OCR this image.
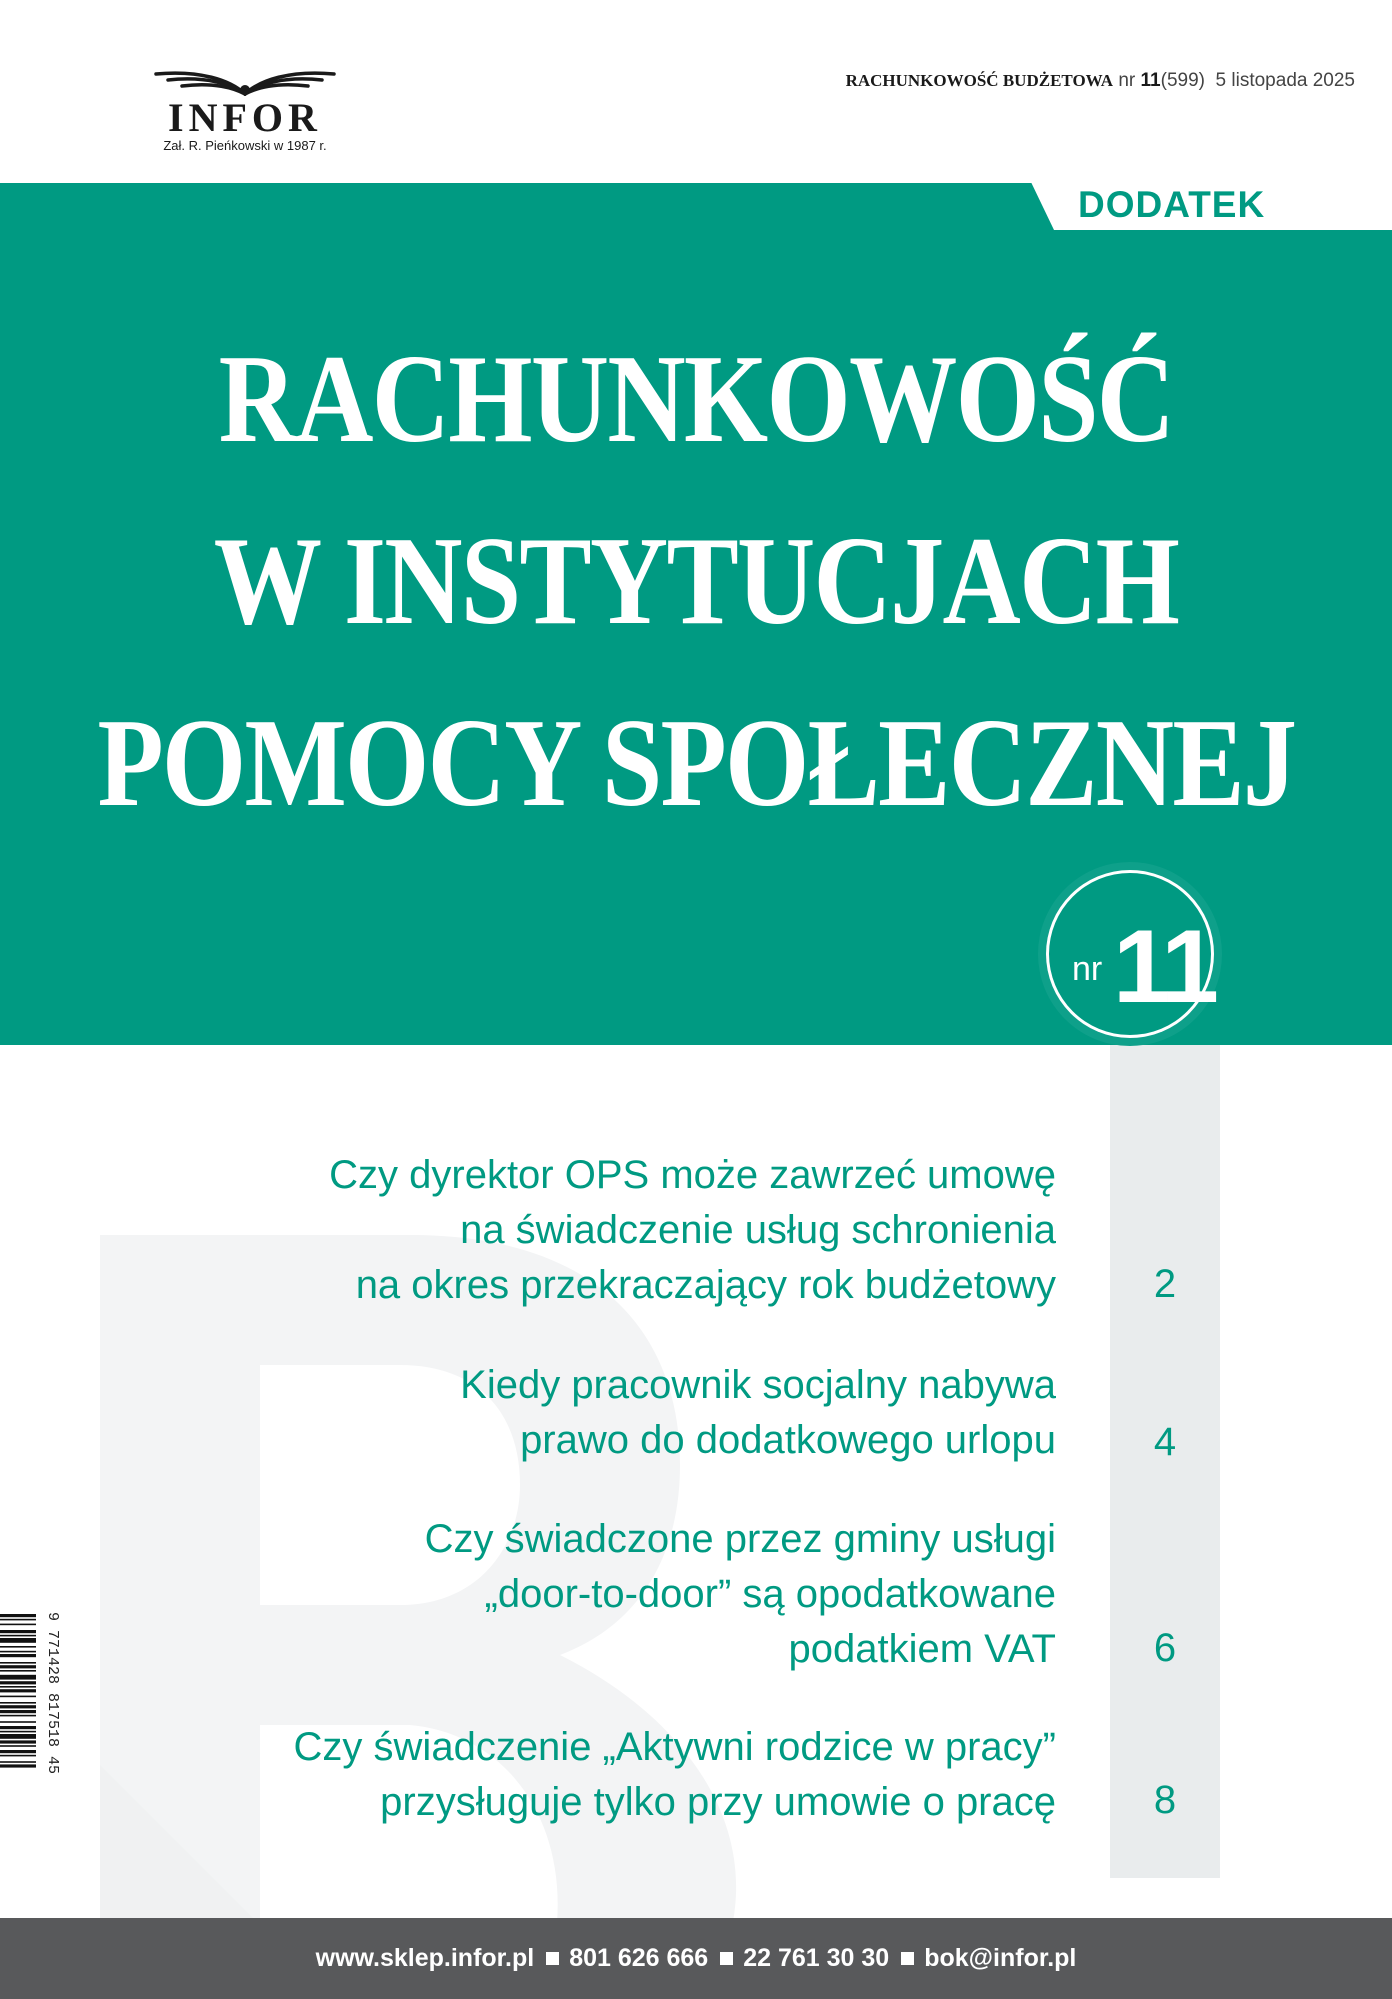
INFOR
Zał. R. Pieńkowski w 1987 r.
RACHUNKOWOŚĆ BUDŻETOWA nr 11(599) 5 listopada 2025
DODATEK
RACHUNKOWOŚĆ
W INSTYTUCJACH
POMOCY SPOŁECZNEJ
nr 11
Czy dyrektor OPS może zawrzeć umowę
na świadczenie usług schronienia
na okres przekraczający rok budżetowy 2
Kiedy pracownik socjalny nabywa
prawo do dodatkowego urlopu 4
Czy świadczone przez gminy usługi
„door-to-door” są opodatkowane
podatkiem VAT 6
Czy świadczenie „Aktywni rodzice w pracy”
przysługuje tylko przy umowie o pracę 8
9 771428 817518 45
www.sklep.infor.pl 801 626 666 22 761 30 30 bok@infor.pl
